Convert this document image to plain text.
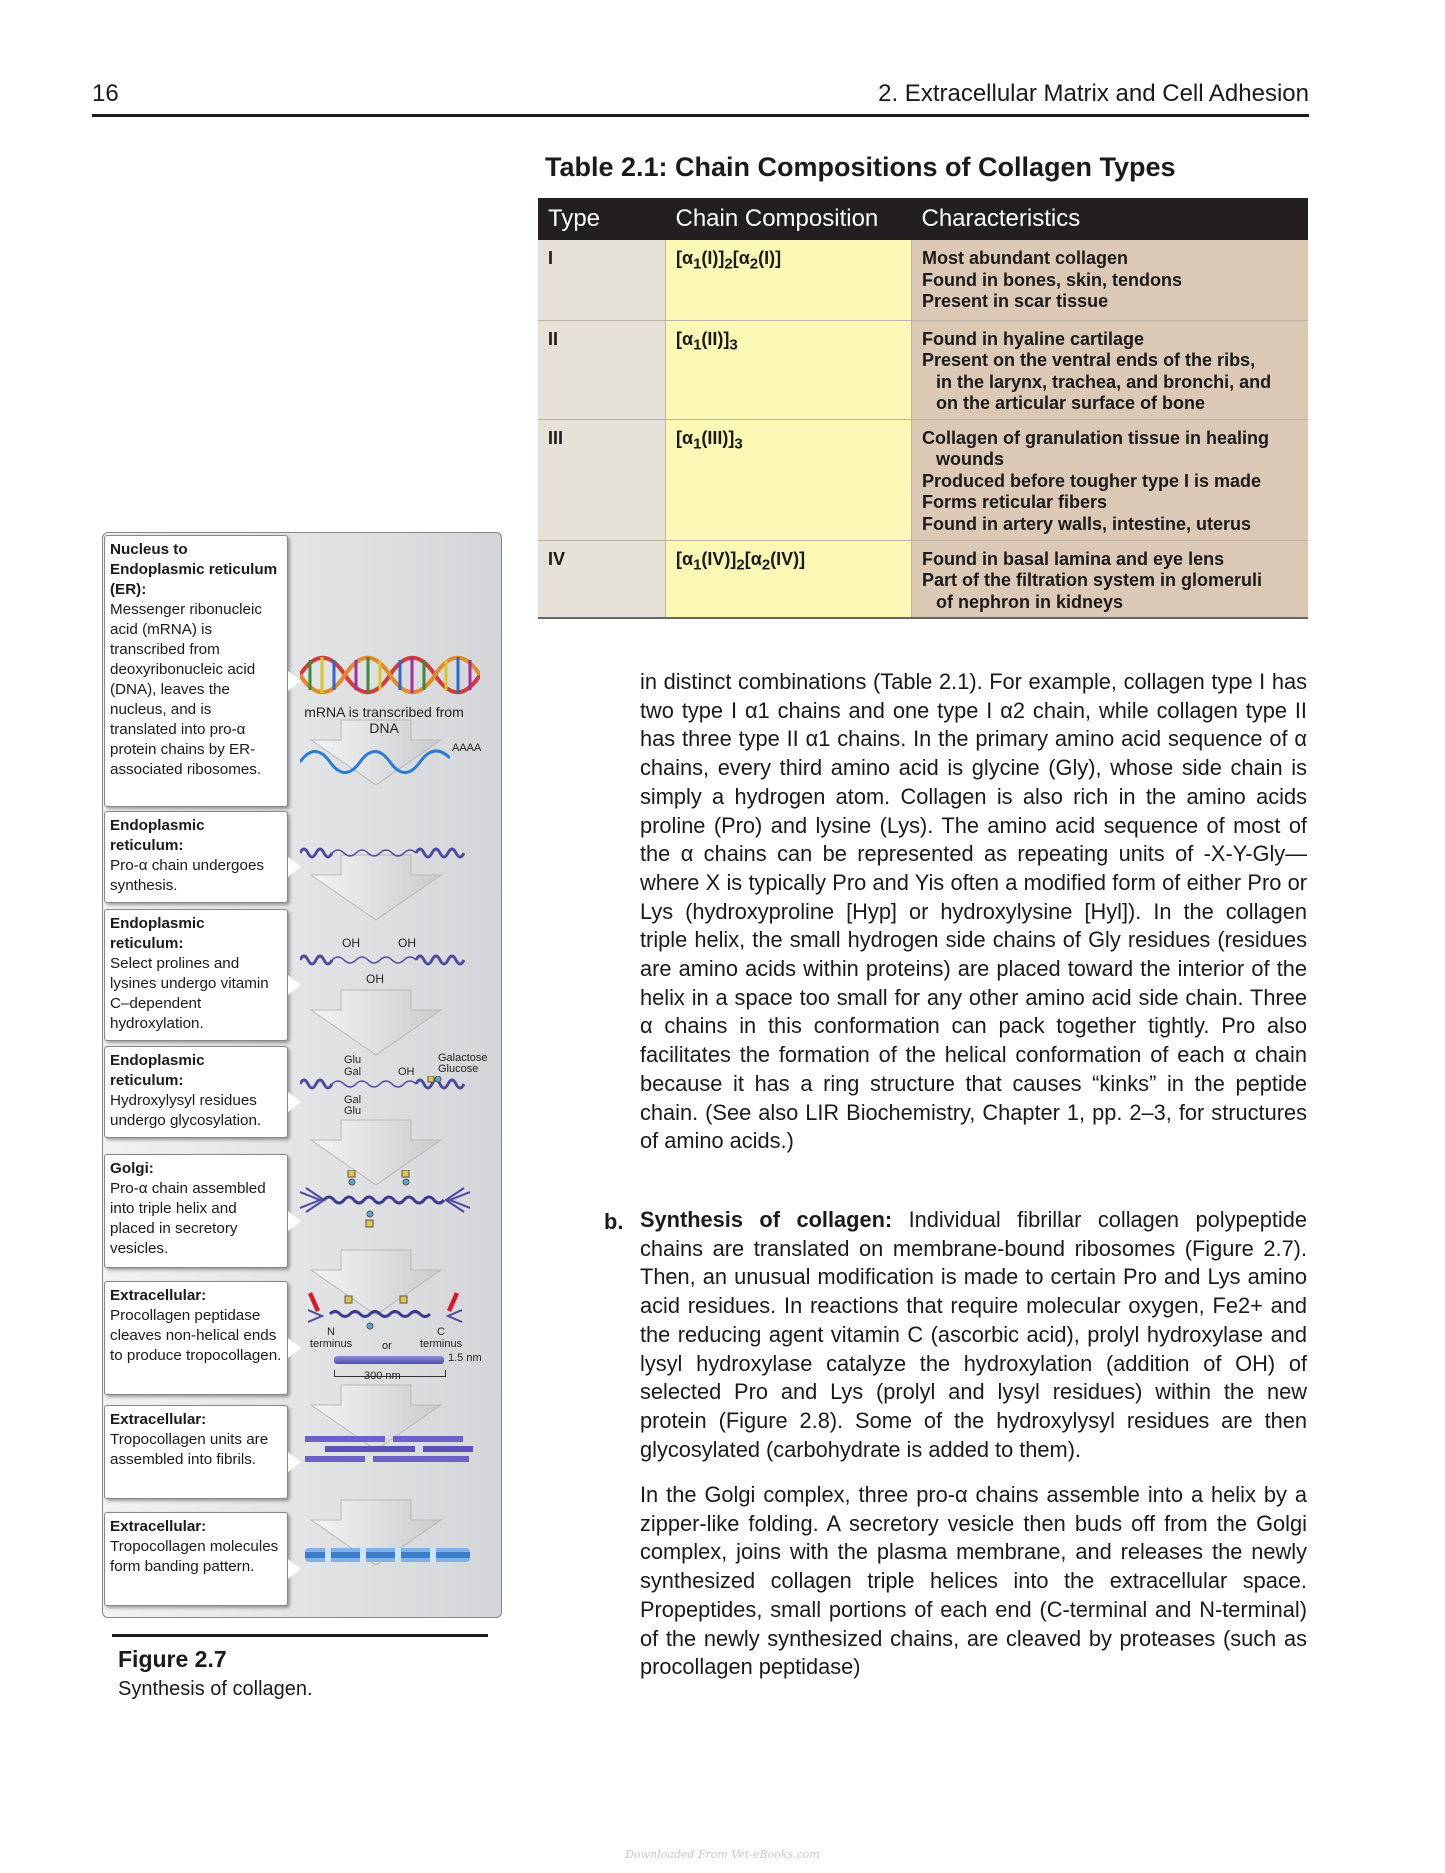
16	2. Extracellular Matrix and Cell Adhesion
Table 2.1: Chain Compositions of Collagen Types
Type	Chain Composition	Characteristics
I	$[\alpha_1(I)]_2[\alpha_2(I)]$	Most abundant collagen
Found in bones, skin, tendons
Present in scar tissue

II	$[\alpha_1(II)]_3$	Found in hyaline cartilage
Present on the ventral ends of the ribs,
in the larynx, trachea, and bronchi, and
on the articular surface of bone

III	$[\alpha_1(III)]_3$	Collagen of granulation tissue in healing
wounds
Produced before tougher type I is made
Forms reticular fibers
Found in artery walls, intestine, uterus

IV	$[\alpha_1(IV)]_2[\alpha_2(IV)]$	Found in basal lamina and eye lens
Part of the filtration system in glomeruli
of nephron in kidneys
Nucleus to Endoplasmic reticulum (ER):
Messenger ribonucleic acid (mRNA) is transcribed from deoxyribonucleic acid (DNA), leaves the nucleus, and is translated into pro-α protein chains by ER-associated ribosomes.
Endoplasmic reticulum:
Pro-α chain undergoes synthesis.
Endoplasmic reticulum:
Select prolines and lysines undergo vitamin C–dependent hydroxylation.
Endoplasmic reticulum:
Hydroxylysyl residues undergo glycosylation.
Golgi:
Pro-α chain assembled into triple helix and placed in secretory vesicles.
Extracellular:
Procollagen peptidase cleaves non-helical ends to produce tropocollagen.
Extracellular:
Tropocollagen units are assembled into fibrils.
Extracellular:
Tropocollagen molecules form banding pattern.
mRNA is transcribed from DNA
AAAA
OH	OH
OH
Glu
Gal	OH
Galactose
Glucose
Gal
Glu
N terminus	or
C terminus
1.5 nm
300 nm
Figure 2.7
Synthesis of collagen.
in distinct combinations (Table 2.1). For example, collagen type I has two type I α1 chains and one type I α2 chain, while collagen type II has three type II α1 chains. In the primary amino acid sequence of α chains, every third amino acid is glycine (Gly), whose side chain is simply a hydrogen atom. Collagen is also rich in the amino acids proline (Pro) and lysine (Lys). The amino acid sequence of most of the α chains can be represented as repeating units of -X-Y-Gly—where X is typically Pro and Yis often a modified form of either Pro or Lys (hydroxyproline [Hyp] or hydroxylysine [Hyl]). In the collagen triple helix, the small hydrogen side chains of Gly residues (residues are amino acids within proteins) are placed toward the interior of the helix in a space too small for any other amino acid side chain. Three α chains in this conformation can pack together tightly. Pro also facilitates the formation of the helical conformation of each α chain because it has a ring structure that causes “kinks” in the peptide chain. (See also LIR Biochemistry, Chapter 1, pp. 2–3, for structures of amino acids.)
b. Synthesis of collagen: Individual fibrillar collagen polypeptide chains are translated on membrane-bound ribosomes (Figure 2.7). Then, an unusual modification is made to certain Pro and Lys amino acid residues. In reactions that require molecular oxygen, Fe2+ and the reducing agent vitamin C (ascorbic acid), prolyl hydroxylase and lysyl hydroxylase catalyze the hydroxylation (addition of OH) of selected Pro and Lys (prolyl and lysyl residues) within the new protein (Figure 2.8). Some of the hydroxylysyl residues are then glycosylated (carbohydrate is added to them).
In the Golgi complex, three pro-α chains assemble into a helix by a zipper-like folding. A secretory vesicle then buds off from the Golgi complex, joins with the plasma membrane, and releases the newly synthesized collagen triple helices into the extracellular space. Propeptides, small portions of each end (C-terminal and N-terminal) of the newly synthesized chains, are cleaved by proteases (such as procollagen peptidase)
Downloaded From Vet-eBooks.com
